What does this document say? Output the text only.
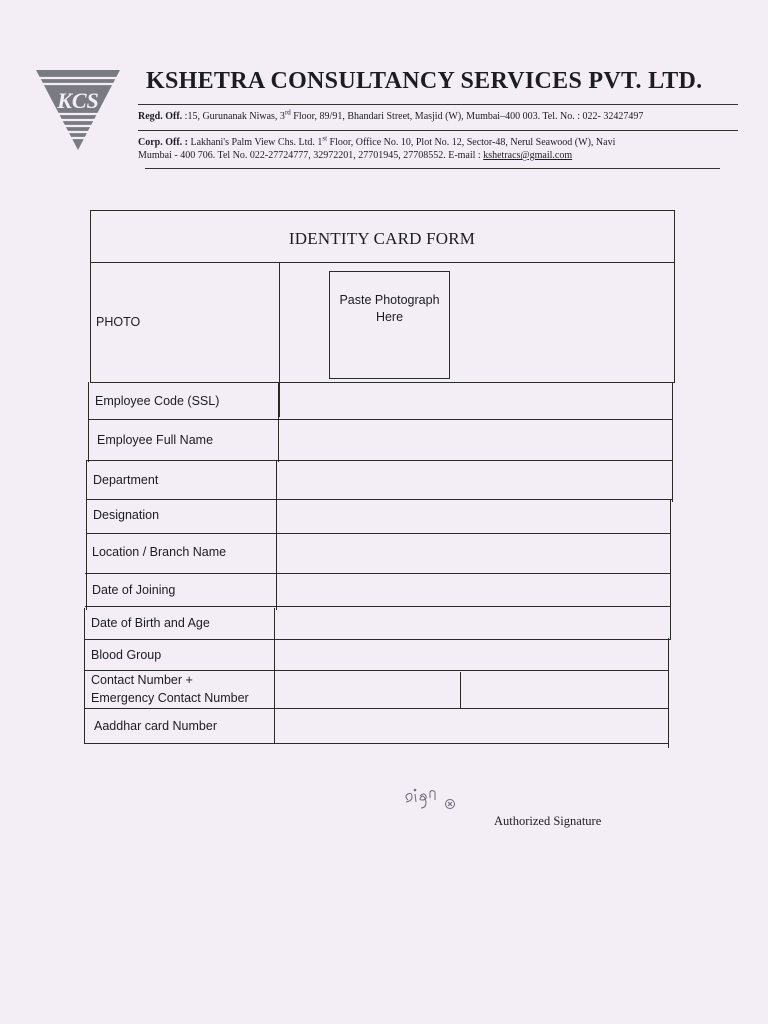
KCS
KSHETRA CONSULTANCY SERVICES PVT. LTD.
Regd. Off. :15, Gurunanak Niwas, 3rd Floor, 89/91, Bhandari Street, Masjid (W), Mumbai–400 003. Tel. No. : 022- 32427497
Corp. Off. : Lakhani's Palm View Chs. Ltd. 1st Floor, Office No. 10, Plot No. 12, Sector-48, Nerul Seawood (W), Navi
Mumbai - 400 706. Tel No. 022-27724777, 32972201, 27701945, 27708552. E-mail : kshetracs@gmail.com
IDENTITY CARD FORM
PHOTO
Paste Photograph
Here
Employee Code (SSL)
Employee Full Name
Department
Designation
Location / Branch Name
Date of Joining
Date of Birth and Age
Blood Group
Contact Number +
Emergency Contact Number
Aaddhar card Number
Authorized Signature
